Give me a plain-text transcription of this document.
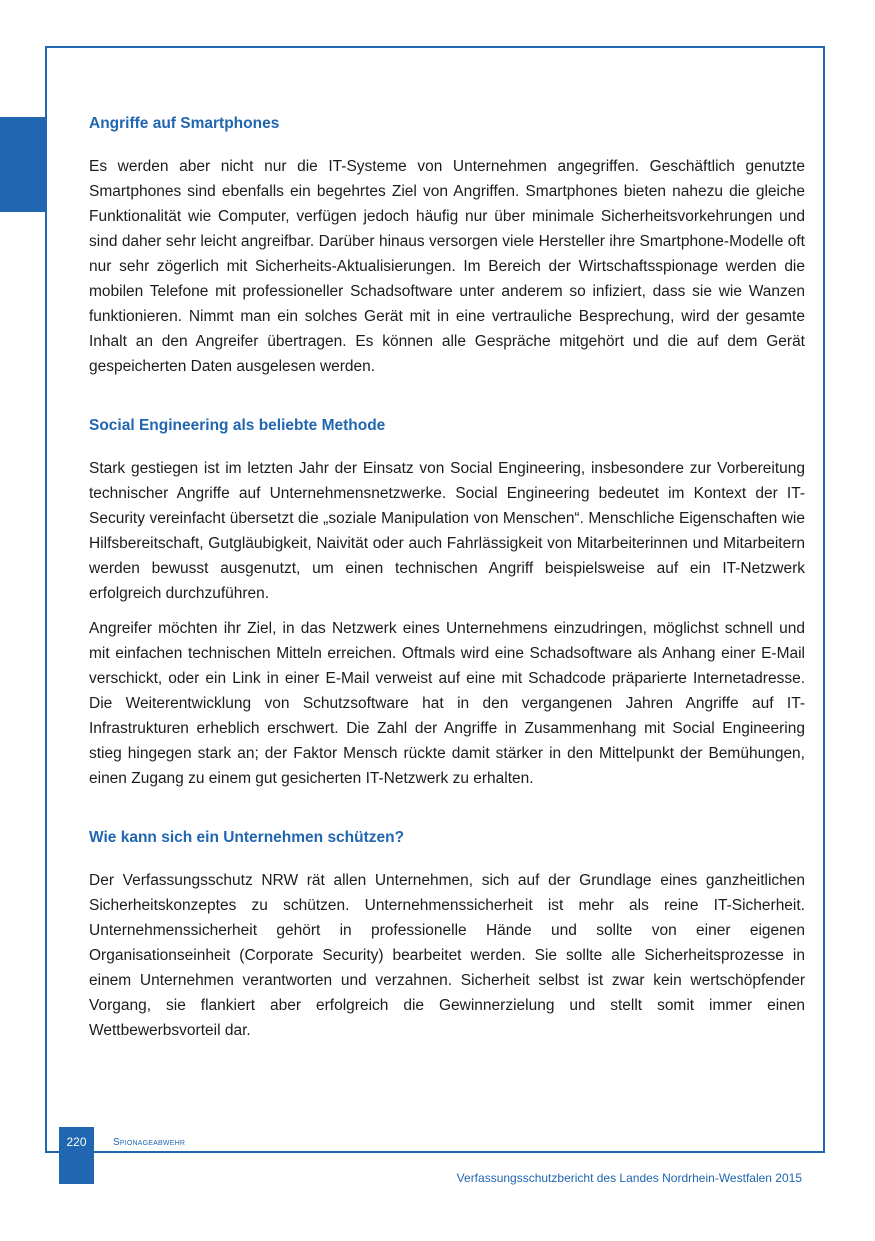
Angriffe auf Smartphones

Es werden aber nicht nur die IT-Systeme von Unternehmen angegriffen. Geschäftlich genutzte Smartphones sind ebenfalls ein begehrtes Ziel von Angriffen. Smartphones bieten nahezu die gleiche Funktionalität wie Computer, verfügen jedoch häufig nur über minimale Sicherheitsvorkehrungen und sind daher sehr leicht angreifbar. Darüber hinaus versorgen viele Hersteller ihre Smartphone-Modelle oft nur sehr zögerlich mit Sicherheits-Aktualisierungen. Im Bereich der Wirtschaftsspionage werden die mobilen Telefone mit professioneller Schadsoftware unter anderem so infiziert, dass sie wie Wanzen funktionieren. Nimmt man ein solches Gerät mit in eine vertrauliche Besprechung, wird der gesamte Inhalt an den Angreifer übertragen. Es können alle Gespräche mitgehört und die auf dem Gerät gespeicherten Daten ausgelesen werden.

Social Engineering als beliebte Methode

Stark gestiegen ist im letzten Jahr der Einsatz von Social Engineering, insbesondere zur Vorbereitung technischer Angriffe auf Unternehmensnetzwerke. Social Engineering bedeutet im Kontext der IT-Security vereinfacht übersetzt die „soziale Manipulation von Menschen“. Menschliche Eigenschaften wie Hilfsbereitschaft, Gutgläubigkeit, Naivität oder auch Fahrlässigkeit von Mitarbeiterinnen und Mitarbeitern werden bewusst ausgenutzt, um einen technischen Angriff beispielsweise auf ein IT-Netzwerk erfolgreich durchzuführen.

Angreifer möchten ihr Ziel, in das Netzwerk eines Unternehmens einzudringen, möglichst schnell und mit einfachen technischen Mitteln erreichen. Oftmals wird eine Schadsoftware als Anhang einer E-Mail verschickt, oder ein Link in einer E-Mail verweist auf eine mit Schadcode präparierte Internetadresse. Die Weiterentwicklung von Schutzsoftware hat in den vergangenen Jahren Angriffe auf IT-Infrastrukturen erheblich erschwert. Die Zahl der Angriffe in Zusammenhang mit Social Engineering stieg hingegen stark an; der Faktor Mensch rückte damit stärker in den Mittelpunkt der Bemühungen, einen Zugang zu einem gut gesicherten IT-Netzwerk zu erhalten.

Wie kann sich ein Unternehmen schützen?

Der Verfassungsschutz NRW rät allen Unternehmen, sich auf der Grundlage eines ganzheitlichen Sicherheitskonzeptes zu schützen. Unternehmenssicherheit ist mehr als reine IT-Sicherheit. Unternehmenssicherheit gehört in professionelle Hände und sollte von einer eigenen Organisationseinheit (Corporate Security) bearbeitet werden. Sie sollte alle Sicherheitsprozesse in einem Unternehmen verantworten und verzahnen. Sicherheit selbst ist zwar kein wertschöpfender Vorgang, sie flankiert aber erfolgreich die Gewinnerzielung und stellt somit immer einen Wettbewerbsvorteil dar.

220	Spionageabwehr
Verfassungsschutzbericht des Landes Nordrhein-Westfalen 2015
